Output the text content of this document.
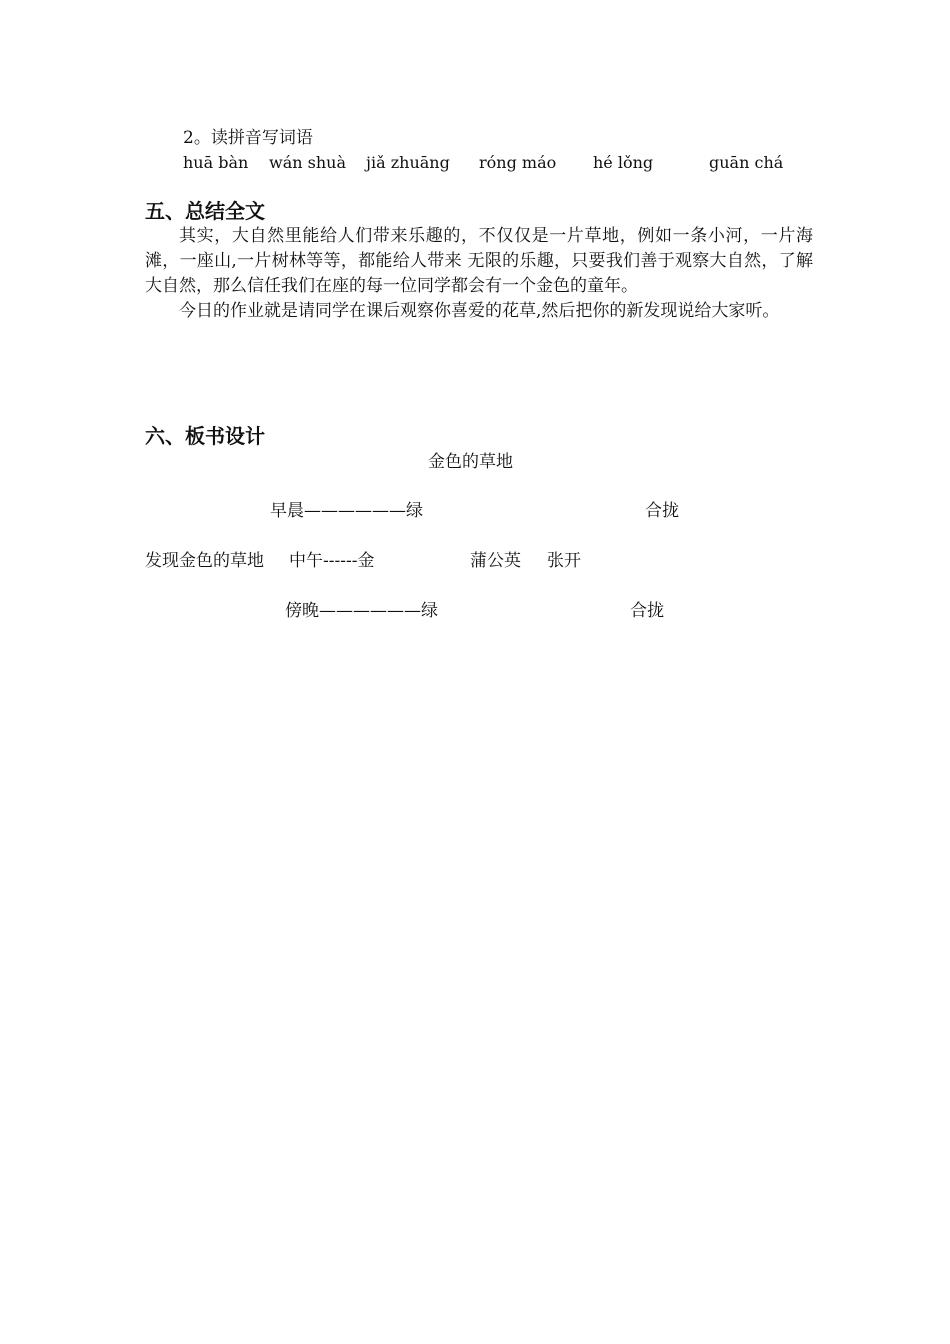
2。读拼音写词语
huā bàn wán shuà jiǎ zhuāng róng máo hé lǒng	guān chá
五、总结全文

其实，大自然里能给人们带来乐趣的，不仅仅是一片草地，例如一条小河，一片海滩，一座山,一片树林等等，都能给人带来 无限的乐趣，只要我们善于观察大自然，了解大自然，那么信任我们在座的每一位同学都会有一个金色的童年。

今日的作业就是请同学在课后观察你喜爱的花草,然后把你的新发现说给大家听。

六、板书设计
金色的草地
早晨——————绿	合拢
发现金色的草地 中午------金	蒲公英 张开
傍晚——————绿	合拢
